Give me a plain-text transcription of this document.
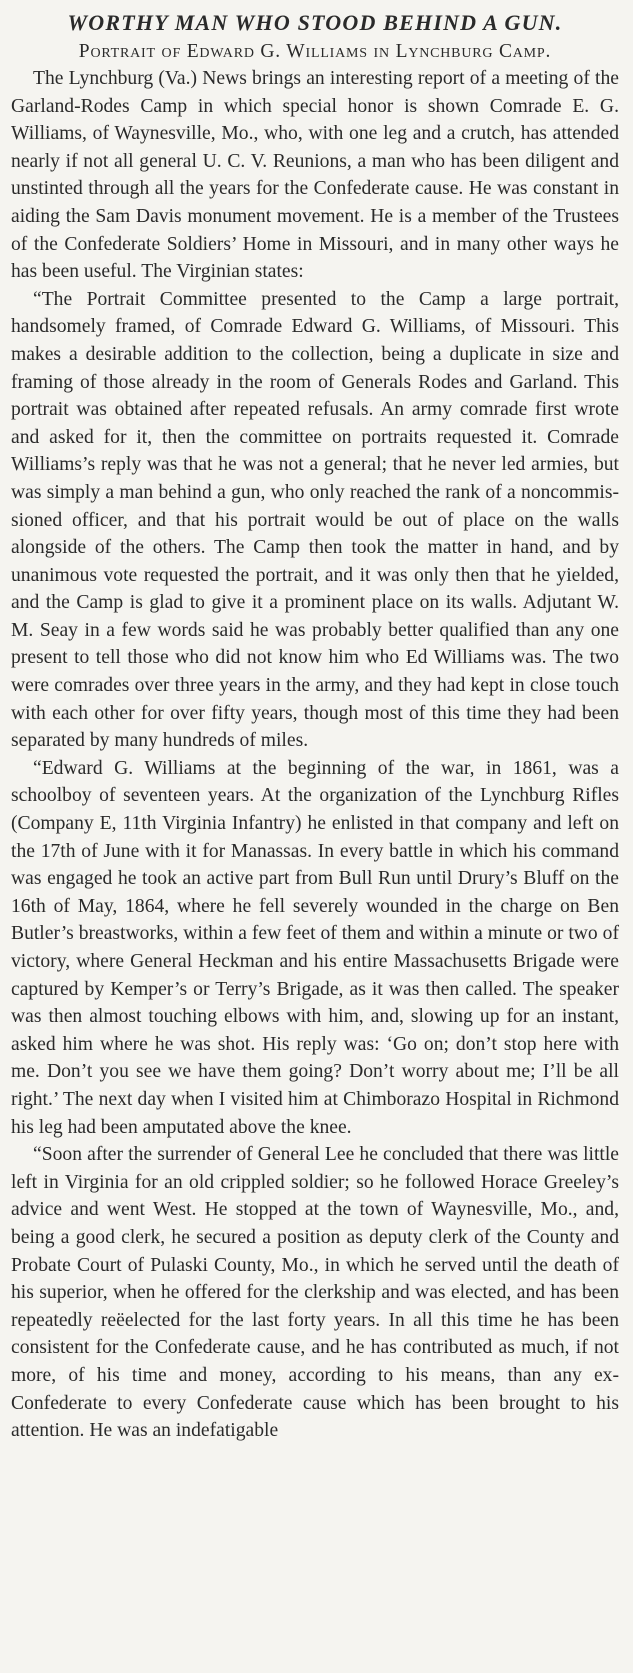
WORTHY MAN WHO STOOD BEHIND A GUN.
Portrait of Edward G. Williams in Lynchburg Camp.

The Lynchburg (Va.) News brings an interesting report of a meeting of the Garland-Rodes Camp in which special honor is shown Comrade E. G. Williams, of Waynesville, Mo., who, with one leg and a crutch, has attended nearly if not all general U. C. V. Reunions, a man who has been diligent and unstinted through all the years for the Confederate cause. He was constant in aiding the Sam Davis monument movement. He is a member of the Trustees of the Confederate Soldiers’ Home in Missouri, and in many other ways he has been useful. The Virginian states:

“The Portrait Committee presented to the Camp a large portrait, handsomely framed, of Comrade Edward G. Williams, of Missouri. This makes a desirable addition to the collection, being a duplicate in size and framing of those already in the room of Generals Rodes and Garland. This portrait was obtained after repeated refusals. An army comrade first wrote and asked for it, then the committee on portraits requested it. Comrade Williams’s reply was that he was not a general; that he never led armies, but was simply a man behind a gun, who only reached the rank of a noncommissioned officer, and that his portrait would be out of place on the walls alongside of the others. The Camp then took the matter in hand, and by unanimous vote requested the portrait, and it was only then that he yielded, and the Camp is glad to give it a prominent place on its walls. Adjutant W. M. Seay in a few words said he was probably better qualified than any one present to tell those who did not know him who Ed Williams was. The two were comrades over three years in the army, and they had kept in close touch with each other for over fifty years, though most of this time they had been separated by many hundreds of miles.

“Edward G. Williams at the beginning of the war, in 1861, was a schoolboy of seventeen years. At the organization of the Lynchburg Rifles (Company E, 11th Virginia Infantry) he enlisted in that company and left on the 17th of June with it for Manassas. In every battle in which his command was engaged he took an active part from Bull Run until Drury’s Bluff on the 16th of May, 1864, where he fell severely wounded in the charge on Ben Butler’s breastworks, within a few feet of them and within a minute or two of victory, where General Heckman and his entire Massachusetts Brigade were captured by Kemper’s or Terry’s Brigade, as it was then called. The speaker was then almost touching elbows with him, and, slowing up for an instant, asked him where he was shot. His reply was: ‘Go on; don’t stop here with me. Don’t you see we have them going? Don’t worry about me; I’ll be all right.’ The next day when I visited him at Chimborazo Hospital in Richmond his leg had been amputated above the knee.

“Soon after the surrender of General Lee he concluded that there was little left in Virginia for an old crippled soldier; so he followed Horace Greeley’s advice and went West. He stopped at the town of Waynesville, Mo., and, being a good clerk, he secured a position as deputy clerk of the County and Probate Court of Pulaski County, Mo., in which he served until the death of his superior, when he offered for the clerkship and was elected, and has been repeatedly reëelected for the last forty years. In all this time he has been consistent for the Confederate cause, and he has contributed as much, if not more, of his time and money, according to his means, than any ex-Confederate to every Confederate cause which has been brought to his attention. He was an indefatigable
